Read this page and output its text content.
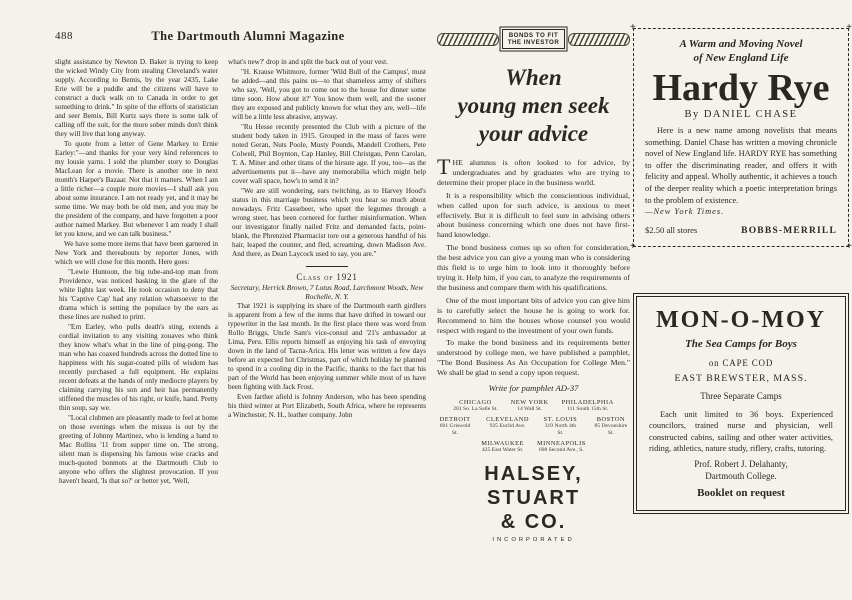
488	The Dartmouth Alumni Magazine

slight assistance by Newton D. Baker is trying to keep the wicked Windy City from stealing Cleveland's water supply. According to Bemis, by the year 2435, Lake Erie will be a puddle and the citizens will have to construct a duck walk on to Canada in order to get something to drink." In spite of the efforts of statistician and seer Bemis, Bill Kurtz says there is some talk of calling off the suit, for the more sober minds don't think they will live that long anyway.

To quote from a letter of Gene Markey to Ernie Earley:"—and thanks for your very kind references to my lousie yarns. I sold the plumber story to Douglas MacLean for a movie. There is another one in next month's Harper's Bazaar. Not that it matters. When I am a little richer—a couple more movies—I shall ask you about some insurance. I am not ready yet, and it may be some time. We may both be old men, and you may be the president of the company, and have forgotten a poor author named Markey. But whenever I am ready I shall let you know, and we can talk business."

We have some more items that have been garnered in New York and thereabouts by reporter Jones, with which we will close for this month. Here goes:

"Lewie Huntoon, the big tube-and-top man from Providence, was noticed basking in the glare of the white lights last week. He took occasion to deny that his 'Captive Cap' had any relation whatsoever to the drama which is setting the populace by the ears as these lines are rushed to print.

"Ern Earley, who pulls death's sting, extends a cordial invitation to any visiting zouaves who think they know what's what in the line of ping-pong. The man who has coaxed hundreds across the dotted line to happiness with his sugar-coated pills of wisdom has recently purchased a full equipment. He explains recent defeats at the hands of only mediocre players by claiming carrying his son and heir has permanently stiffened the muscles of his right, or knife, hand. Pretty thin soup, say we.

"Local clubmen are pleasantly made to feel at home on those evenings when the missus is out by the greeting of Johnny Martinez, who is lending a hand to Mac Rollins '11 from supper time on. The strong, silent man is dispensing his famous wise cracks and much-quoted bonmots at the Dartmouth Club to anyone who offers the slightest provocation. If you haven't heard, 'Is that so?' or better yet, 'Well,

what's new?' drop in and split the back out of your vest.

"H. Krause Whitmore, former 'Wild Bull of the Campus', must be added—and this pains us—to that shameless army of shifters who say, 'Well, you got to come out to the house for dinner some time soon. How about it?' You know them well, and the sooner they are exposed and publicly known for what they are, well—life will be a little less abrasive, anyway.

"Ru Hesse recently presented the Club with a picture of the student body taken in 1915. Grouped in the mass of faces were noted Geran, Nuts Poole, Musty Pounds, Mandell Crothers, Pete Colwell, Phil Boynton, Cap Hanley, Bill Christgau, Penn Carolan, T. A. Miner and other titans of the hirsute age. If you, too—as the advertisements put it—have any memorabilia which might help cover wall space, how's to send it in?

"We are still wondering, ears twitching, as to Harvey Hood's status in this marriage business which you hear so much about nowadays. Fritz Cassebeer, who upset the legumes through a wrong steer, has been cornered for further misinformation. When our investigator finally nailed Fritz and demanded facts, point-blank, the Phrenzied Pharmacist tore out a generous handful of his hair, leaped the counter, and fled, screaming, down Madison Ave. And there, as Dean Laycock used to say, you are."

Class of 1921

Secretary, Herrick Brown, 7 Lotus Road, Larchmont Woods, New Rochelle, N. Y.

That 1921 is supplying its share of the Dartmouth earth girdlers is apparent from a few of the items that have drifted in toward our typewriter in the last month. In the first place there was word from Rollo Briggs, Uncle Sam's vice-consul and '21's ambassador at Lima, Peru. Ellis reports himself as enjoying his task of envoying down in the land of Tacna-Arica. His letter was written a few days before an expected hot Christmas, part of which holiday he planned to spend in a cooling dip in the Pacific, thanks to the fact that his part of the World has been enjoying summer while most of us have been fighting with Jack Frost.

Even farther afield is Johnny Anderson, who has been spending his third winter at Port Elizabeth, South Africa, where he represents a Winchester, N. H., leather company. John

BONDS TO FIT
THE INVESTOR
When
young men seek
your advice

THE alumnus is often looked to for advice, by undergraduates and by graduates who are trying to determine their proper place in the business world.

It is a responsibility which the conscientious individual, when called upon for such advice, is anxious to meet effectively. But it is difficult to feel sure in advising others about business concerning which one does not have first-hand knowledge.

The bond business comes up so often for consideration, the best advice you can give a young man who is considering this field is to urge him to look into it thoroughly before trying it. Help him, if you can, to analyze the requirements of the business and compare them with his qualifications.

One of the most important bits of advice you can give him is to carefully select the house he is going to work for. Recommend to him the houses whose counsel you would respect with regard to the investment of your own funds.

To make the bond business and its requirements better understood by college men, we have published a pamphlet, "The Bond Business As An Occupation for College Men." We shall be glad to send a copy upon request.

Write for pamphlet AD-37
CHICAGO
201 So. La Salle St.
NEW YORK
14 Wall St.
PHILADELPHIA
111 South 15th St.
DETROIT
601 Griswold St.
CLEVELAND
925 Euclid Ave.
ST. LOUIS
319 North 4th St.
BOSTON
85 Devonshire St.
MILWAUKEE
425 East Water St.
MINNEAPOLIS
608 Second Ave., S.
HALSEY, STUART
& CO.
INCORPORATED
+	+
+	+
A Warm and Moving Novel
of New England Life
Hardy Rye
By DANIEL CHASE
Here is a new name among novelists that means something. Daniel Chase has written a moving chronicle novel of New England life. HARDY RYE has something to offer the discriminating reader, and offers it with felicity and appeal. Wholly authentic, it achieves a touch of the deeper reality which a poetic interpretation brings to the problem of existence.
—New York Times.
$2.50 all stores	BOBBS-MERRILL
MON-O-MOY
The Sea Camps for Boys
on CAPE COD
EAST BREWSTER, MASS.
Three Separate Camps
Each unit limited to 36 boys. Experienced councilors, trained nurse and physician, well constructed cabins, sailing and other water activities, riding, athletics, nature study, riflery, crafts, tutoring.
Prof. Robert J. Delahanty,
Dartmouth College.
Booklet on request
